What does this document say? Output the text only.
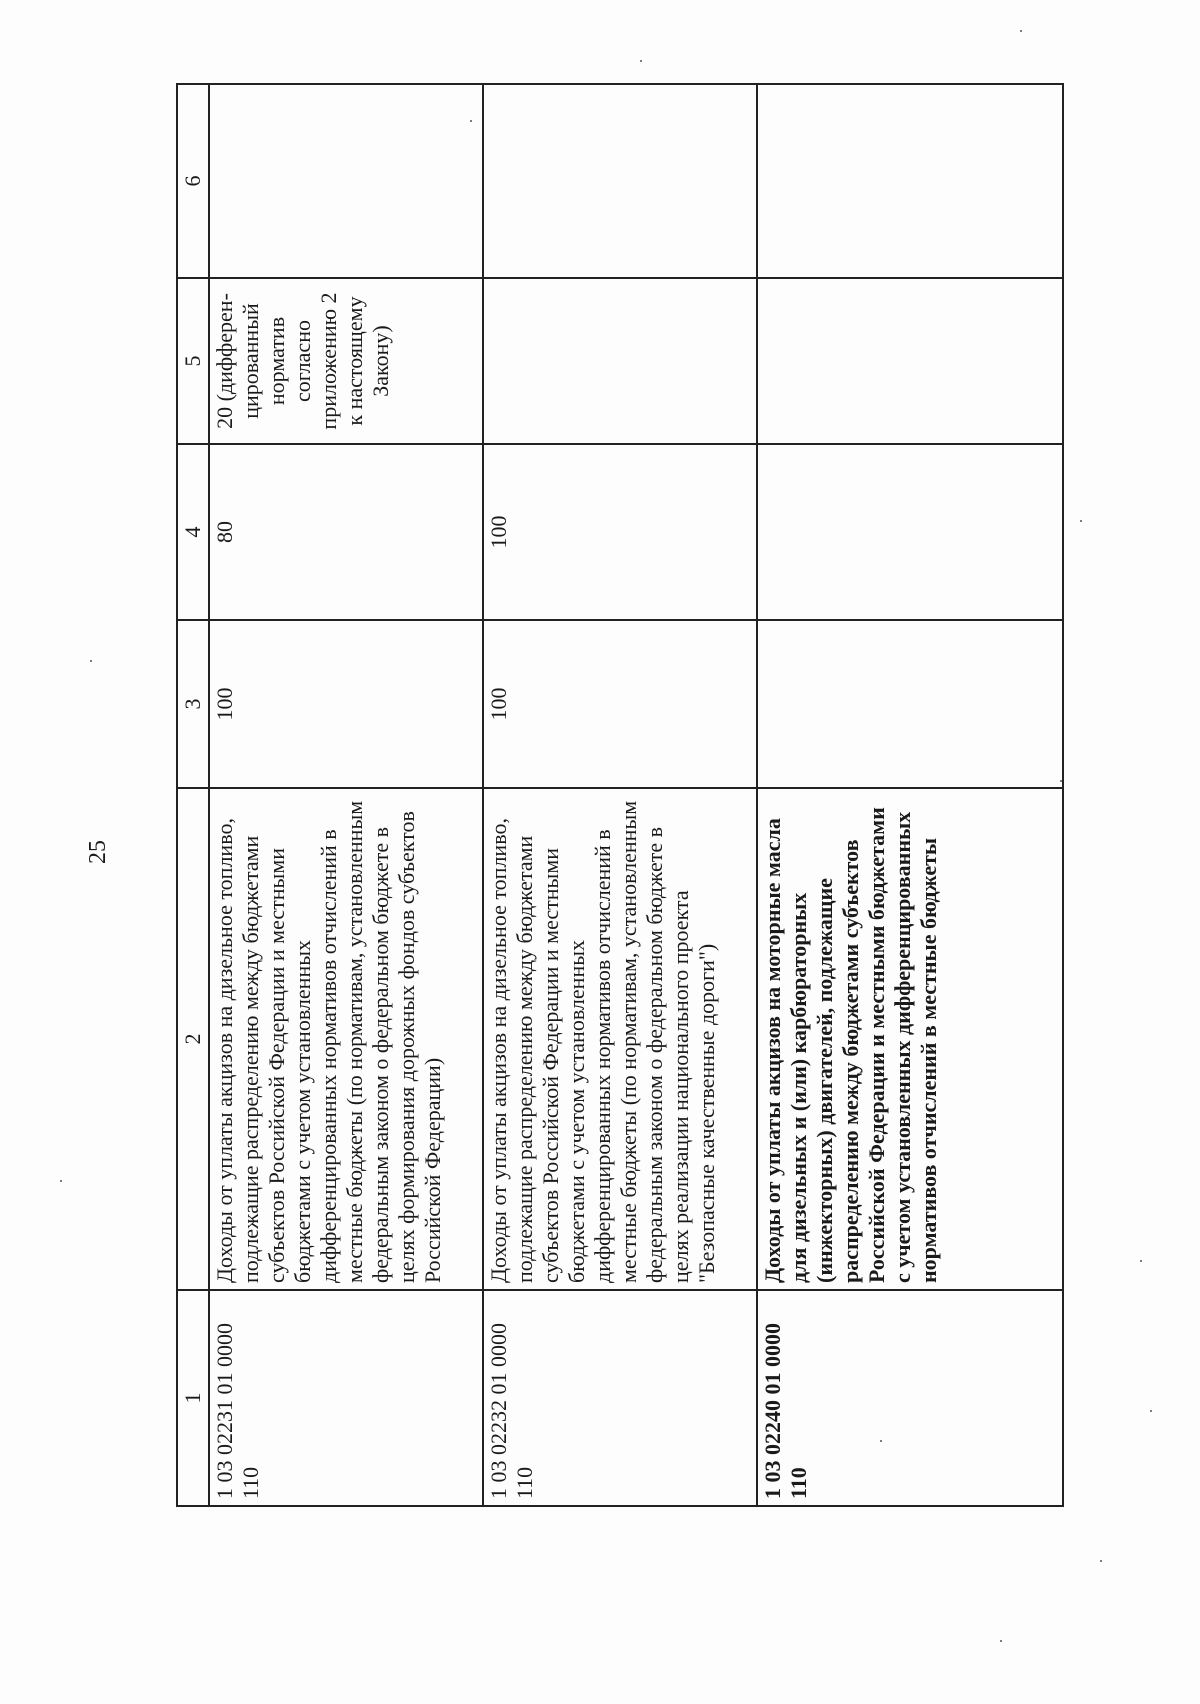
25
1	2	3	4	5	6
1 03 02231 01 0000 110	Доходы от уплаты акцизов на дизельное топливо, подлежащие распределению между бюджетами субъектов Российской Федерации и местными бюджетами с учетом установленных дифференцированных нормативов отчислений в местные бюджеты (по нормативам, установленным федеральным законом о федеральном бюджете в целях формирования дорожных фондов субъектов Российской Федерации)	100	80	20 (дифферен-цированный норматив согласно приложению 2 к настоящему Закону)	
1 03 02232 01 0000 110	Доходы от уплаты акцизов на дизельное топливо, подлежащие распределению между бюджетами субъектов Российской Федерации и местными бюджетами с учетом установленных дифференцированных нормативов отчислений в местные бюджеты (по нормативам, установленным федеральным законом о федеральном бюджете в целях реализации национального проекта "Безопасные качественные дороги")	100	100		
1 03 02240 01 0000 110	Доходы от уплаты акцизов на моторные масла для дизельных и (или) карбюраторных (инжекторных) двигателей, подлежащие распределению между бюджетами субъектов Российской Федерации и местными бюджетами с учетом установленных дифференцированных нормативов отчислений в местные бюджеты				
